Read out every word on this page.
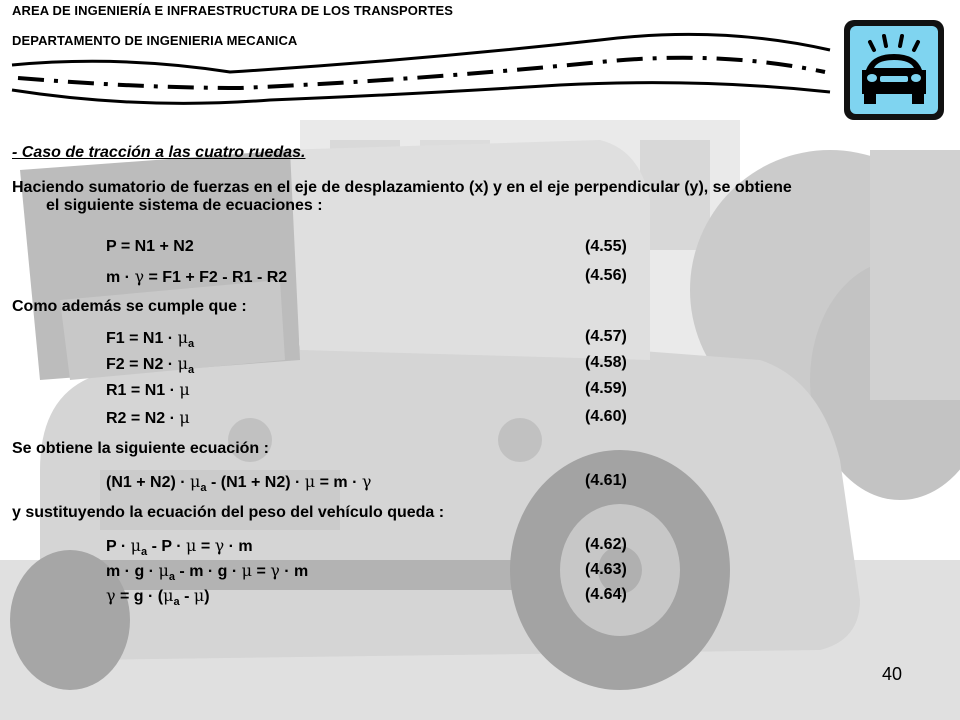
AREA DE INGENIERÍA E INFRAESTRUCTURA DE LOS TRANSPORTES
DEPARTAMENTO DE INGENIERIA MECANICA
- Caso de tracción a las cuatro ruedas.
Haciendo sumatorio de fuerzas en el eje de desplazamiento (x) y en el eje perpendicular (y), se obtiene
el siguiente sistema de ecuaciones :
P = N1 + N2	(4.55)
m · γ = F1 + F2 - R1 - R2	(4.56)
Como además se cumple que :
$F1 = N1 \cdot \mu_a$	(4.57)
$F2 = N2 \cdot \mu_a$	(4.58)
R1 = N1 · μ	(4.59)
R2 = N2 · μ	(4.60)
Se obtiene la siguiente ecuación :
$(N1 + N2) \cdot \mu_a - (N1 + N2) \cdot \mu = m \cdot \gamma$	(4.61)
y sustituyendo la ecuación del peso del vehículo queda :
$P \cdot \mu_a - P \cdot \mu = \gamma \cdot m$	(4.62)
$m \cdot g \cdot \mu_a - m \cdot g \cdot \mu = \gamma \cdot m$	(4.63)
$\gamma = g \cdot (\mu_a - \mu)$	(4.64)
40
